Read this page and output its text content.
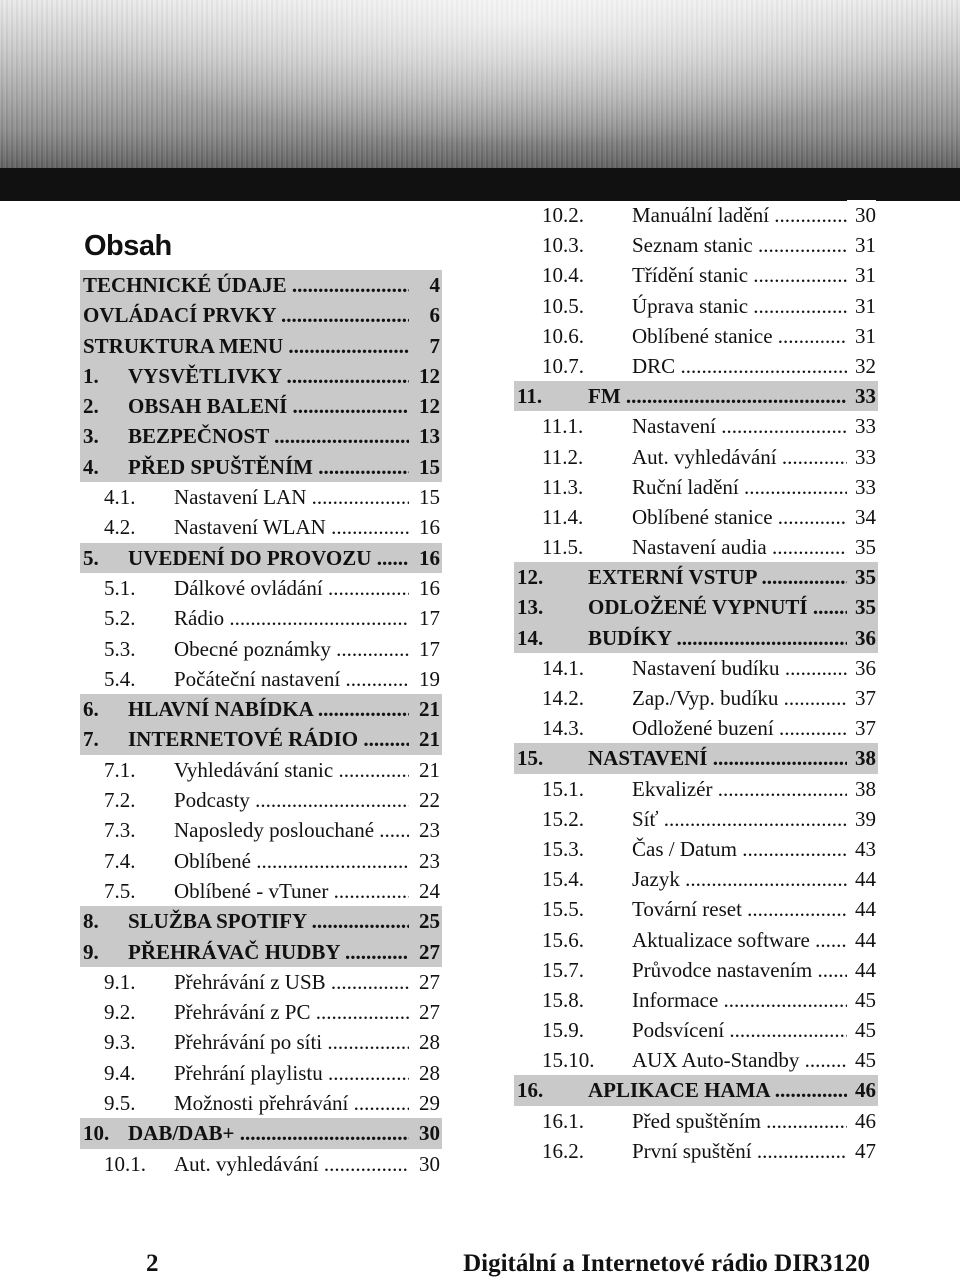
Obsah
TECHNICKÉ ÚDAJE .....	4
OVLÁDACÍ PRVKY .....	6
STRUKTURA MENU .....	7
1. VYSVĚTLIVKY .....	12
2. OBSAH BALENÍ .....	12
3. BEZPEČNOST .....	13
4. PŘED SPUŠTĚNÍM .....	15
4.1. Nastavení LAN .....	15
4.2. Nastavení WLAN .....	16
5. UVEDENÍ DO PROVOZU .....	16
5.1. Dálkové ovládání .....	16
5.2. Rádio .....	17
5.3. Obecné poznámky .....	17
5.4. Počáteční nastavení .....	19
6. HLAVNÍ NABÍDKA .....	21
7. INTERNETOVÉ RÁDIO .....	21
7.1. Vyhledávání stanic .....	21
7.2. Podcasty .....	22
7.3. Naposledy poslouchané .....	23
7.4. Oblíbené .....	23
7.5. Oblíbené - vTuner .....	24
8. SLUŽBA SPOTIFY .....	25
9. PŘEHRÁVAČ HUDBY .....	27
9.1. Přehrávání z USB .....	27
9.2. Přehrávání z PC .....	27
9.3. Přehrávání po síti .....	28
9.4. Přehrání playlistu .....	28
9.5. Možnosti přehrávání .....	29
10. DAB/DAB+ .....	30
10.1. Aut. vyhledávání .....	30
10.2. Manuální ladění .....	30
10.3. Seznam stanic .....	31
10.4. Třídění stanic .....	31
10.5. Úprava stanic .....	31
10.6. Oblíbené stanice .....	31
10.7. DRC .....	32
11. FM .....	33
11.1. Nastavení .....	33
11.2. Aut. vyhledávání .....	33
11.3. Ruční ladění .....	33
11.4. Oblíbené stanice .....	34
11.5. Nastavení audia .....	35
12. EXTERNÍ VSTUP .....	35
13. ODLOŽENÉ VYPNUTÍ .....	35
14. BUDÍKY .....	36
14.1. Nastavení budíku .....	36
14.2. Zap./Vyp. budíku .....	37
14.3. Odložené buzení .....	37
15. NASTAVENÍ .....	38
15.1. Ekvalizér .....	38
15.2. Síť .....	39
15.3. Čas / Datum .....	43
15.4. Jazyk .....	44
15.5. Tovární reset .....	44
15.6. Aktualizace software .....	44
15.7. Průvodce nastavením .....	44
15.8. Informace .....	45
15.9. Podsvícení .....	45
15.10. AUX Auto-Standby .....	45
16. APLIKACE HAMA .....	46
16.1. Před spuštěním .....	46
16.2. První spuštění .....	47
2	Digitální a Internetové rádio DIR3120
